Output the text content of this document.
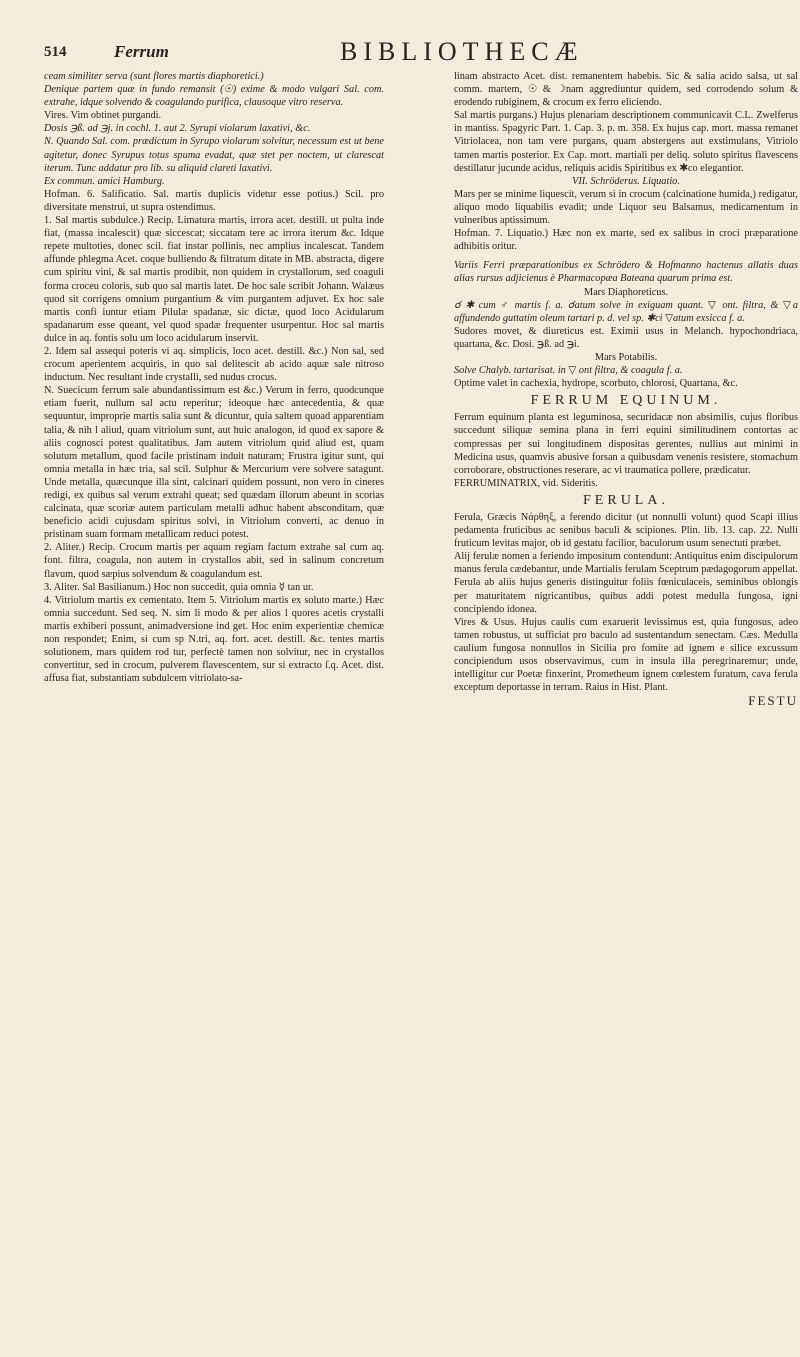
514	Ferrum	BIBLIOTHECÆ

ceam similiter serva (sunt flores martis diaphoretici.)

Denique partem quæ in fundo remansit (☉) exime & modo vulgari Sal. com. extrahe, idque solvendo & coagulando purifica, clausoque vitro reserva.

Vires. Vim obtinet purgandi.

Dosis ℈ß. ad ℈j. in cochl. 1. aut 2. Syrupi violarum laxativi, &c.

N. Quando Sal. com. prædictum in Syrupo violarum solvitur, necessum est ut bene agitetur, donec Syrupus totus spuma evadat, quæ stet per noctem, ut clarescat iterum. Tunc addatur pro lib. su aliquid clareti laxativi.

Ex commun. amici Hamburg.

Hofman. 6. Salificatio. Sal. martis duplicis videtur esse potius.) Scil. pro diversitate menstrui, ut supra ostendimus.

1. Sal martis subdulce.) Recip. Limatura martis, irrora acet. destill. ut pulta inde fiat, (massa incalescit) quæ siccescat; siccatam tere ac irrora iterum &c. Idque repete multoties, donec scil. fiat instar pollinis, nec amplius incalescat. Tandem affunde phlegma Acet. coque bulliendo & filtratum ditate in MB. abstracta, digere cum spiritu vini, & sal martis prodibit, non quidem in crystallorum, sed coaguli forma croceu coloris, sub quo sal martis latet. De hoc sale scribit Johann. Walæus quod sit corrigens omnium purgantium & vim purgantem adjuvet. Ex hoc sale martis confi iuntur etiam Pilulæ spadanæ, sic dictæ, quod loco Acidularum spadanarum esse queant, vel quod spadæ frequenter usurpentur. Hoc sal martis dulce in aq. fontis solu um loco acidularum inservit.

2. Idem sal assequi poteris vi aq. simplicis, loco acet. destill. &c.) Non sal, sed crocum aperientem acquiris, in quo sal delitescit ab acido aquæ sale nitroso inductum. Nec resultant inde crystalli, sed nudus crocus.

N. Suecicum ferrum sale abundantissimum est &c.) Verum in ferro, quodcunque etiam fuerit, nullum sal actu reperitur; ideoque hæc antecedentia, & quæ sequuntur, improprie martis salia sunt & dicuntur, quia saltem quoad apparentiam talia, & nih l aliud, quam vitriolum sunt, aut huic analogon, id quod ex sapore & aliis cognosci potest qualitatibus. Jam autem vitriolum quid aliud est, quam solutum metallum, quod facile pristinam induit naturam; Frustra igitur sunt, qui omnia metalla in hæc tria, sal scil. Sulphur & Mercurium vere solvere satagunt. Unde metalla, quæcunque illa sint, calcinari quidem possunt, non vero in cineres redigi, ex quibus sal verum extrahi queat; sed quædam illorum abeunt in scorias calcinata, quæ scoriæ autem particulam metalli adhuc habent absconditam, quæ beneficio acidi cujusdam spiritus solvi, in Vitriolum converti, ac denuo in pristinam suam formam metallicam reduci potest.

2. Aliter.) Recip. Crocum martis per aquam regiam factum extrahe sal cum aq. font. filtra, coagula, non autem in crystallos abit, sed in salinum concretum flavum, quod sæpius solvendum & coagulandum est.

3. Aliter. Sal Basilianum.) Hoc non succedit, quia omnia ☿ tan ur.

4. Vitriolum martis ex cementato. Item 5. Vitriolum martis ex soluto marte.) Hæc omnia succedunt. Sed seq. N. sim li modo & per alios l quores acetis crystalli martis exhiberi possunt, animadversione ind get. Hoc enim experientiæ chemicæ non respondet; Enim, si cum sp N.tri, aq. fort. acet. destill. &c. tentes martis solutionem, mars quidem rod tur, perfectè tamen non solvitur, nec in crystallos convertitur, sed in crocum, pulverem flavescentem, sur si extracto ſ.q. Acet. dist. affusa fiat, substantiam subdulcem vitriolato-sa-

linam abstracto Acet. dist. remanentem habebis. Sic & salia acido salsa, ut sal comm. martem, ☉ & ☽nam aggrediuntur quidem, sed corrodendo solum & erodendo rubiginem, & crocum ex ferro eliciendo.

Sal martis purgans.) Hujus plenariam descriptionem communicavit C.L. Zwelferus in mantiss. Spagyric Part. 1. Cap. 3. p. m. 358. Ex hujus cap. mort. massa remanet Vitriolacea, non tam vere purgans, quam abstergens aut exstimulans, Vitriolo tamen martis posterior. Ex Cap. mort. martiali per deliq. soluto spiritus flavescens destillatur jucunde acidus, reliquis acidis Spiritibus ex ✱co elegantior.

VII. Schröderus. Liquatio.

Mars per se minime liquescit, verum si in crocum (calcinatione humida,) redigatur, aliquo modo liquabilis evadit; unde Liquor seu Balsamus, medicamentum in vulneribus aptissimum.

Hofman. 7. Liquatio.) Hæc non ex marte, sed ex salibus in croci præparatione adhibitis oritur.

Variis Ferri præparationibus ex Schrödero & Hofmanno hactenus allatis duas alias rursus adjicienus è Pharmacopæa Bateana quarum prima est.

Mars Diaphoreticus.

☌ ✱ cum ♂ martis f. a. ☌atum solve in exiguam quant. ▽ ont. filtra, & ▽a affundendo guttatim oleum tartari p. d. vel sp. ✱ci ▽atum exsicca f. a.

Sudores movet, & diureticus est. Eximii usus in Melanch. hypochondriaca, quartana, &c. Dosi. ℈ß. ad ℈i.

Mars Potabilis.

Solve Chalyb. tartarisat. in ▽ ont filtra, & coagula f. a.

Optime valet in cachexia, hydrope, scorbuto, chlorosi, Quartana, &c.

FERRUM EQUINUM.

Ferrum equinum planta est leguminosa, securidacæ non absimilis, cujus floribus succedunt siliquæ semina plana in ferri equini similitudinem contortas ac compressas per sui longitudinem dispositas gerentes, nullius aut minimi in Medicina usus, quamvis abusive forsan a quibusdam venenis resistere, stomachum corroborare, obstructiones reserare, ac vi traumatica pollere, prædicatur.

FERRUMINATRIX, vid. Sideritis.

FERULA.

Ferula, Græcis Νάρθηξ, a ferendo dicitur (ut nonnulli volunt) quod Scapi illius pedamenta fruticibus ac senibus baculi & scipiones. Plin. lib. 13. cap. 22. Nulli fruticum levitas major, ob id gestatu facilior, baculorum usum senectuti præbet.

Alij ferulæ nomen a feriendo impositum contendunt: Antiquitus enim discipulorum manus ferula cædebantur, unde Martialis ferulam Sceptrum pædagogorum appellat.

Ferula ab aliis hujus generis distinguitur foliis fœniculaceis, seminibus oblongis per maturitatem nigricantibus, quibus addi potest medulla fungosa, igni concipiendo idonea.

Vires & Usus. Hujus caulis cum exaruerit levissimus est, quia fungosus, adeo tamen robustus, ut sufficiat pro baculo ad sustentandum senectam. Cæs. Medulla caulium fungosa nonnullos in Sicilia pro fomite ad ignem e silice excussum concipiendum usos observavimus, cum in insula illa peregrinaremur; unde, intelligitur cur Poetæ finxerint, Prometheum ignem cœlestem furatum, cava ferula exceptum deportasse in terram. Raius in Hist. Plant.

FESTU
